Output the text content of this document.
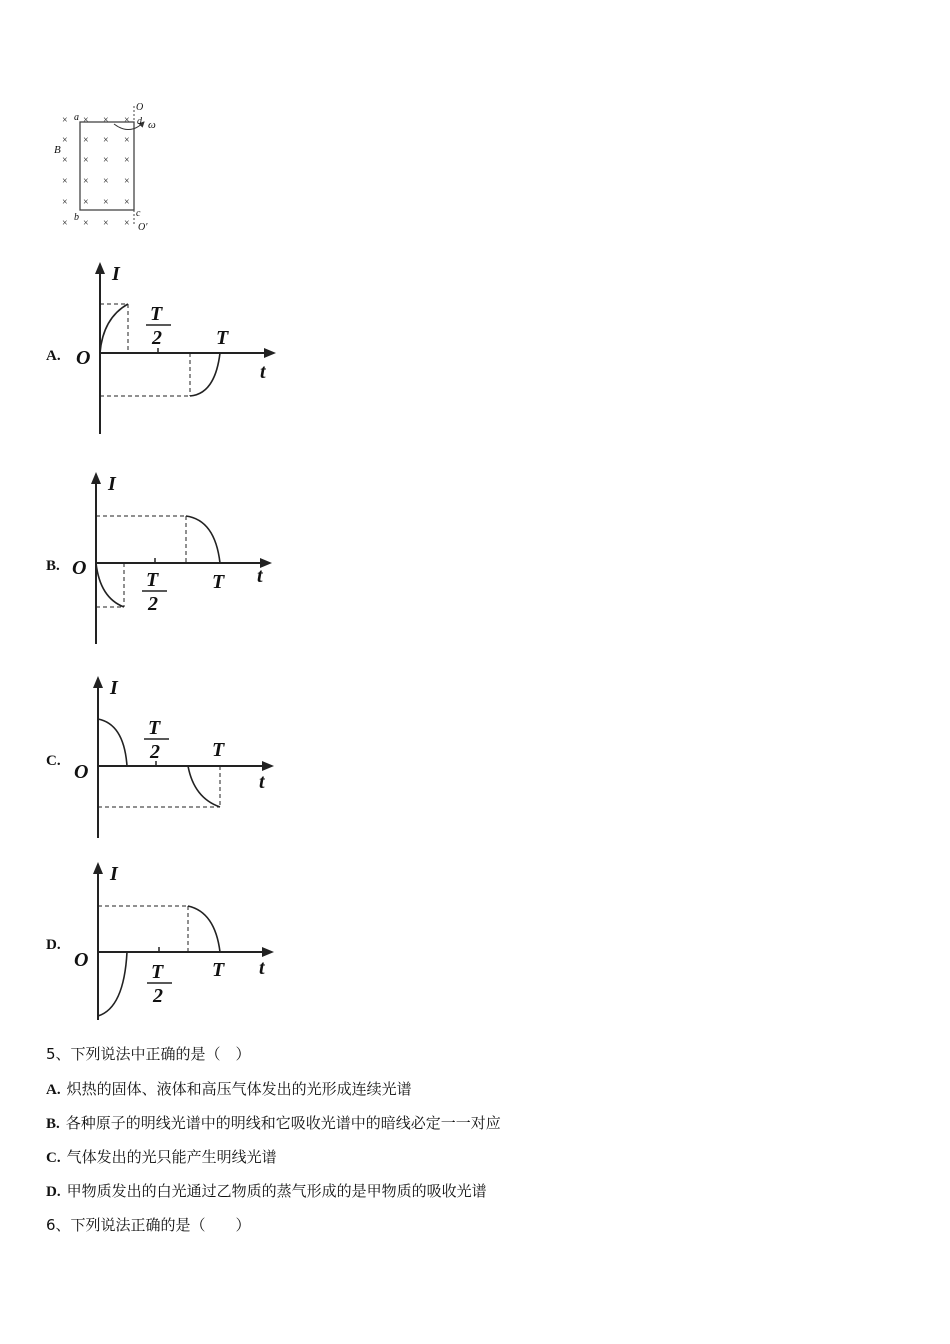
× × × ×
× × × ×
× × × ×
× × × ×
× × × ×
× × × ×
a	d
b	c
B
O
O′
ω
A.
I
O
t
T
2	T
B.
I
O	t
T
2
T
C.
I
O	t
T
2	T
D.
I
O	t
T
2
T
5、下列说法中正确的是（　）
A. 炽热的固体、液体和高压气体发出的光形成连续光谱
B. 各种原子的明线光谱中的明线和它吸收光谱中的暗线必定一一对应
C. 气体发出的光只能产生明线光谱
D. 甲物质发出的白光通过乙物质的蒸气形成的是甲物质的吸收光谱
6、下列说法正确的是（　　）
